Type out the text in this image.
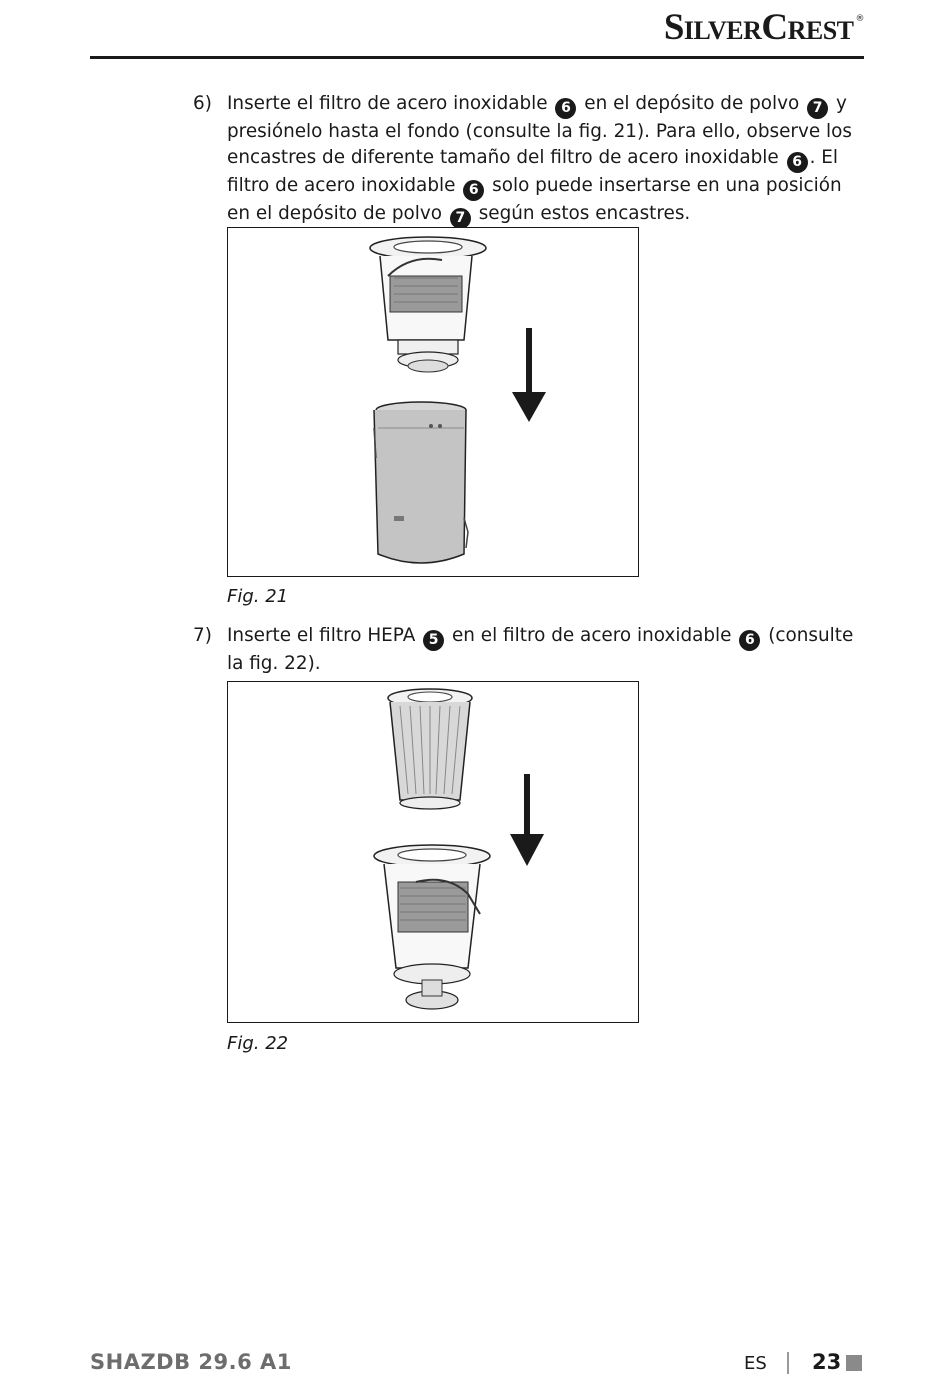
SilverCrest ®
6) Inserte el filtro de acero inoxidable 6 en el depósito de polvo 7 y presiónelo hasta el fondo (consulte la fig. 21). Para ello, observe los encastres de diferente tamaño del filtro de acero inoxidable 6 . El filtro de acero inoxidable 6 solo puede insertarse en una posición en el depósito de polvo 7 según estos encastres.
Fig. 21
7) Inserte el filtro HEPA 5 en el filtro de acero inoxidable 6 (consulte la fig. 22).
Fig. 22
SHAZDB 29.6 A1	ES 23
